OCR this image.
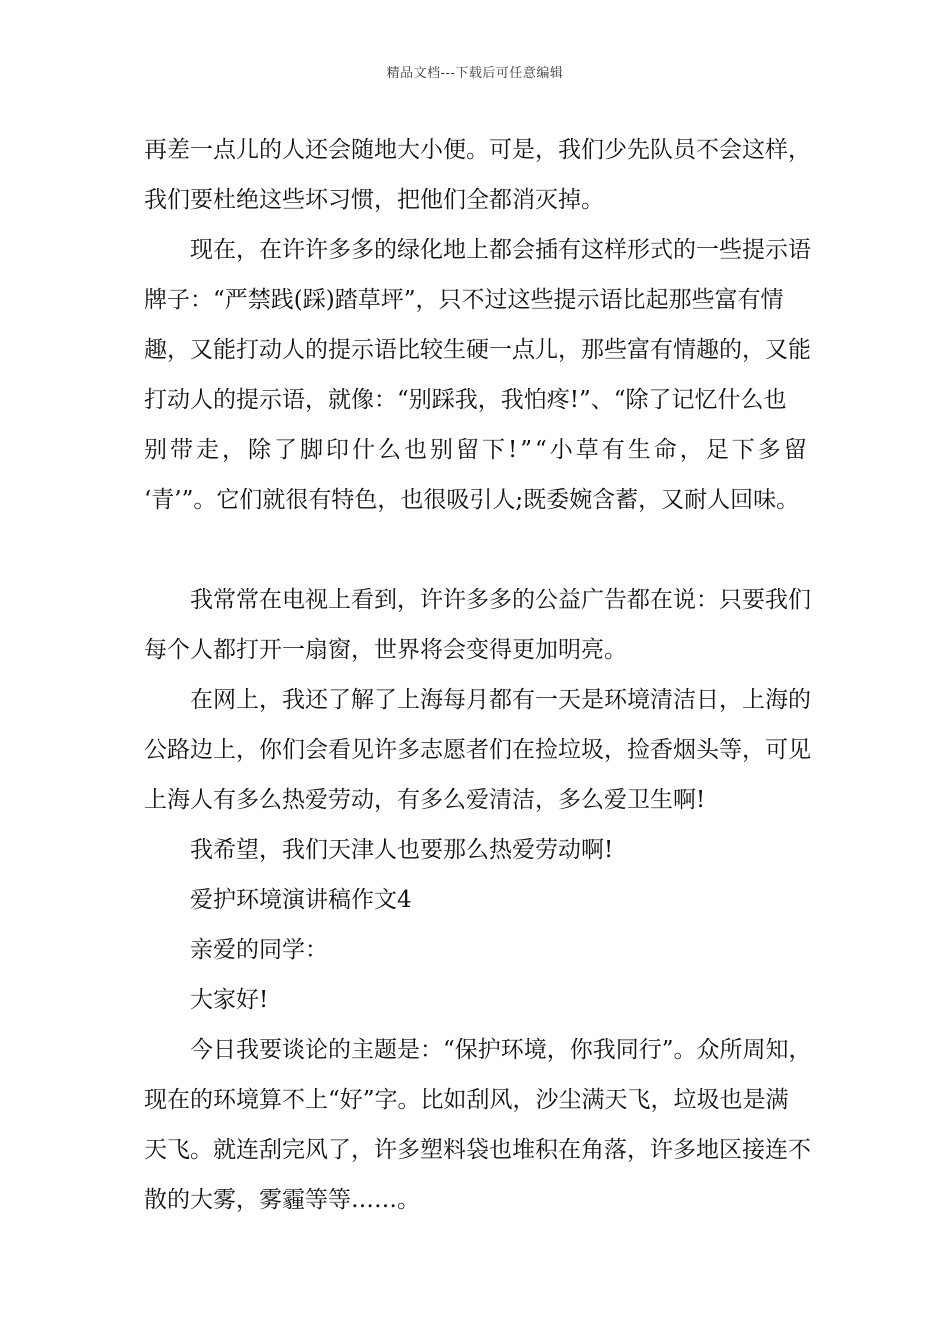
精品文档---下载后可任意编辑
再差一点儿的人还会随地大小便。可是，我们少先队员不会这样，
我们要杜绝这些坏习惯，把他们全都消灭掉。
现在，在许许多多的绿化地上都会插有这样形式的一些提示语
牌子：“严禁践(踩)踏草坪”，只不过这些提示语比起那些富有情
趣，又能打动人的提示语比较生硬一点儿，那些富有情趣的，又能
打动人的提示语，就像：“别踩我，我怕疼!”、“除了记忆什么也
别带走，除了脚印什么也别留下!”“小草有生命，足下多留
‘青’”。它们就很有特色，也很吸引人;既委婉含蓄，又耐人回味。
我常常在电视上看到，许许多多的公益广告都在说：只要我们
每个人都打开一扇窗，世界将会变得更加明亮。
在网上，我还了解了上海每月都有一天是环境清洁日，上海的
公路边上，你们会看见许多志愿者们在捡垃圾，捡香烟头等，可见
上海人有多么热爱劳动，有多么爱清洁，多么爱卫生啊!
我希望，我们天津人也要那么热爱劳动啊!
爱护环境演讲稿作文4
亲爱的同学：
大家好!
今日我要谈论的主题是：“保护环境，你我同行”。众所周知，
现在的环境算不上“好”字。比如刮风，沙尘满天飞，垃圾也是满
天飞。就连刮完风了，许多塑料袋也堆积在角落，许多地区接连不
散的大雾，雾霾等等……。
